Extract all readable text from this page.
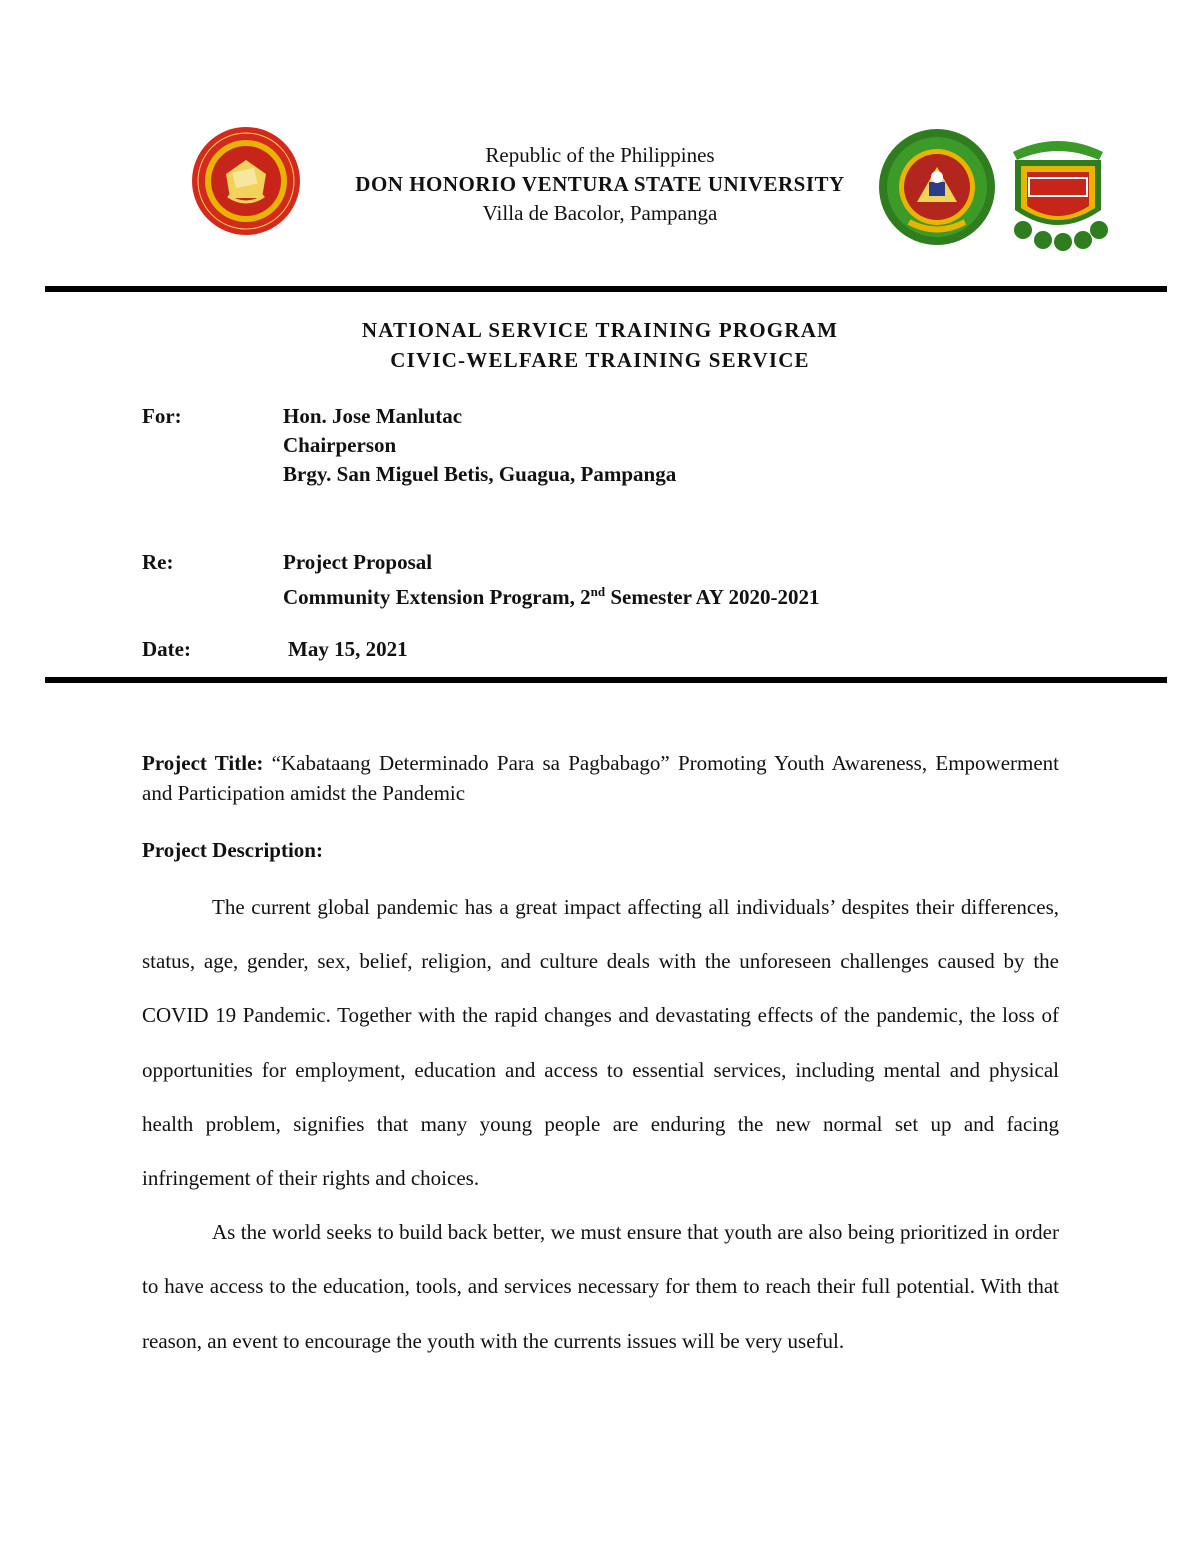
Republic of the Philippines
DON HONORIO VENTURA STATE UNIVERSITY
Villa de Bacolor, Pampanga
NATIONAL SERVICE TRAINING PROGRAM
CIVIC-WELFARE TRAINING SERVICE
For:	Hon. Jose Manlutac
Chairperson
Brgy. San Miguel Betis, Guagua, Pampanga
Re:	Project Proposal
Community Extension Program, 2nd Semester AY 2020-2021
Date:	May 15, 2021

Project Title: “Kabataang Determinado Para sa Pagbabago” Promoting Youth Awareness, Empowerment and Participation amidst the Pandemic

Project Description:

The current global pandemic has a great impact affecting all individuals’ despites their differences, status, age, gender, sex, belief, religion, and culture deals with the unforeseen challenges caused by the COVID 19 Pandemic. Together with the rapid changes and devastating effects of the pandemic, the loss of opportunities for employment, education and access to essential services, including mental and physical health problem, signifies that many young people are enduring the new normal set up and facing infringement of their rights and choices.

As the world seeks to build back better, we must ensure that youth are also being prioritized in order to have access to the education, tools, and services necessary for them to reach their full potential. With that reason, an event to encourage the youth with the currents issues will be very useful.
